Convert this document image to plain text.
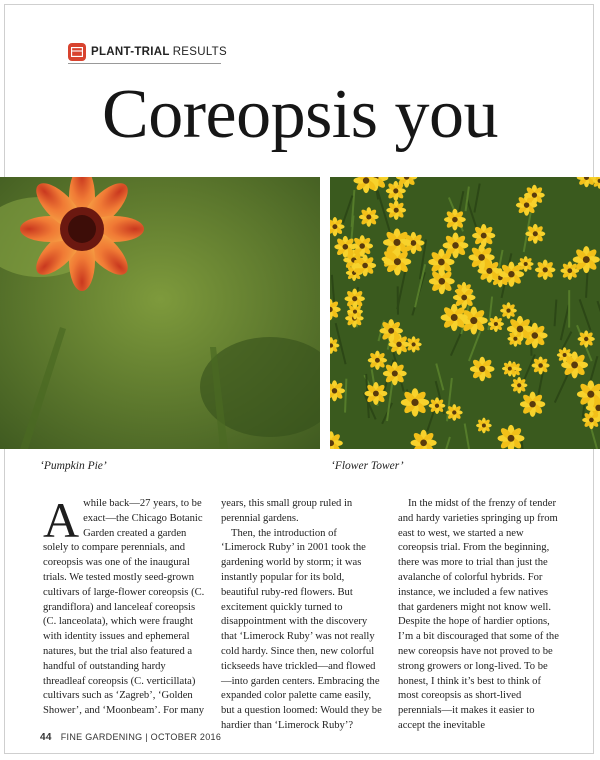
PLANT-TRIAL RESULTS
Coreopsis you

‘Pumpkin Pie’	‘Flower Tower’

Awhile back—27 years, to be exact—the Chicago Botanic Garden created a garden solely to compare perennials, and coreopsis was one of the inaugural trials. We tested mostly seed-grown cultivars of large-flower coreopsis (C. grandiflora) and lanceleaf coreopsis (C. lanceolata), which were fraught with identity issues and ephemeral natures, but the trial also featured a handful of outstanding hardy threadleaf coreopsis (C. verticillata) cultivars such as ‘Zagreb’, ‘Golden Shower’, and ‘Moonbeam’. For many

years, this small group ruled in perennial gardens.

Then, the introduction of ‘Limerock Ruby’ in 2001 took the gardening world by storm; it was instantly popular for its bold, beautiful ruby-red flowers. But excitement quickly turned to disappointment with the discovery that ‘Limerock Ruby’ was not really cold hardy. Since then, new colorful tickseeds have trickled—and flowed—into garden centers. Embracing the expanded color palette came easily, but a question loomed: Would they be hardier than ‘Limerock Ruby’?

In the midst of the frenzy of tender and hardy varieties springing up from east to west, we started a new coreopsis trial. From the beginning, there was more to trial than just the avalanche of colorful hybrids. For instance, we included a few natives that gardeners might not know well. Despite the hope of hardier options, I’m a bit discouraged that some of the new coreopsis have not proved to be strong growers or long-lived. To be honest, I think it’s best to think of most coreopsis as short-lived perennials—it makes it easier to accept the inevitable

44 FINE GARDENING | OCTOBER 2016
